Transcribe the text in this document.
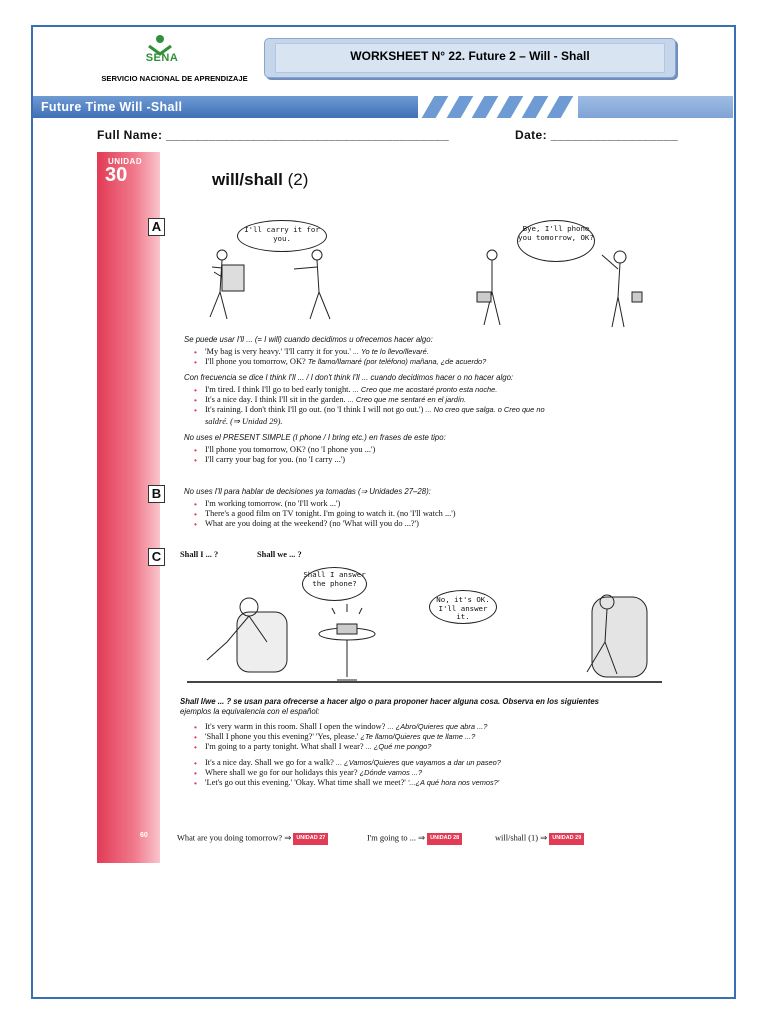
SENA
SERVICIO NACIONAL DE APRENDIZAJE
WORKSHEET N° 22. Future 2 – Will - Shall
Future Time Will -Shall
Full Name: ________________________________________	Date: __________________
UNIDAD
30
60
A
B
C
will/shall (2)
I'll carry it for you.
Bye, I'll phone you tomorrow, OK?
Se puede usar I'll ... (= I will) cuando decidimos u ofrecemos hacer algo:
• 'My bag is very heavy.' 'I'll carry it for you.' ... Yo te lo llevo/llevaré.
• I'll phone you tomorrow, OK? Te llamo/llamaré (por teléfono) mañana, ¿de acuerdo?
Con frecuencia se dice I think I'll ... / I don't think I'll ... cuando decidimos hacer o no hacer algo:
• I'm tired. I think I'll go to bed early tonight. ... Creo que me acostaré pronto esta noche.
• It's a nice day. I think I'll sit in the garden. ... Creo que me sentaré en el jardín.
• It's raining. I don't think I'll go out. (no 'I think I will not go out.') ... No creo que salga. o Creo que no
saldré. (⇒ Unidad 29).
No uses el PRESENT SIMPLE (I phone / I bring etc.) en frases de este tipo:
• I'll phone you tomorrow, OK? (no 'I phone you ...')
• I'll carry your bag for you. (no 'I carry ...')
No uses I'll para hablar de decisiones ya tomadas (⇒ Unidades 27–28):
• I'm working tomorrow. (no 'I'll work ...')
• There's a good film on TV tonight. I'm going to watch it. (no 'I'll watch ...')
• What are you doing at the weekend? (no 'What will you do ...?')
Shall I ... ?	Shall we ... ?
Shall I answer the phone?
No, it's OK. I'll answer it.
Shall I/we ... ? se usan para ofrecerse a hacer algo o para proponer hacer alguna cosa. Observa en los siguientes
ejemplos la equivalencia con el español:
• It's very warm in this room. Shall I open the window? ... ¿Abro/Quieres que abra ...?
• 'Shall I phone you this evening?' 'Yes, please.' ¿Te llamo/Quieres que te llame ...?
• I'm going to a party tonight. What shall I wear? ... ¿Qué me pongo?
• It's a nice day. Shall we go for a walk? ... ¿Vamos/Quieres que vayamos a dar un paseo?
• Where shall we go for our holidays this year? ¿Dónde vamos ...?
• 'Let's go out this evening.' 'Okay. What time shall we meet?' '...¿A qué hora nos vemos?'
What are you doing tomorrow? ⇒ UNIDAD 27	I'm going to ... ⇒ UNIDAD 28	will/shall (1) ⇒ UNIDAD 29
